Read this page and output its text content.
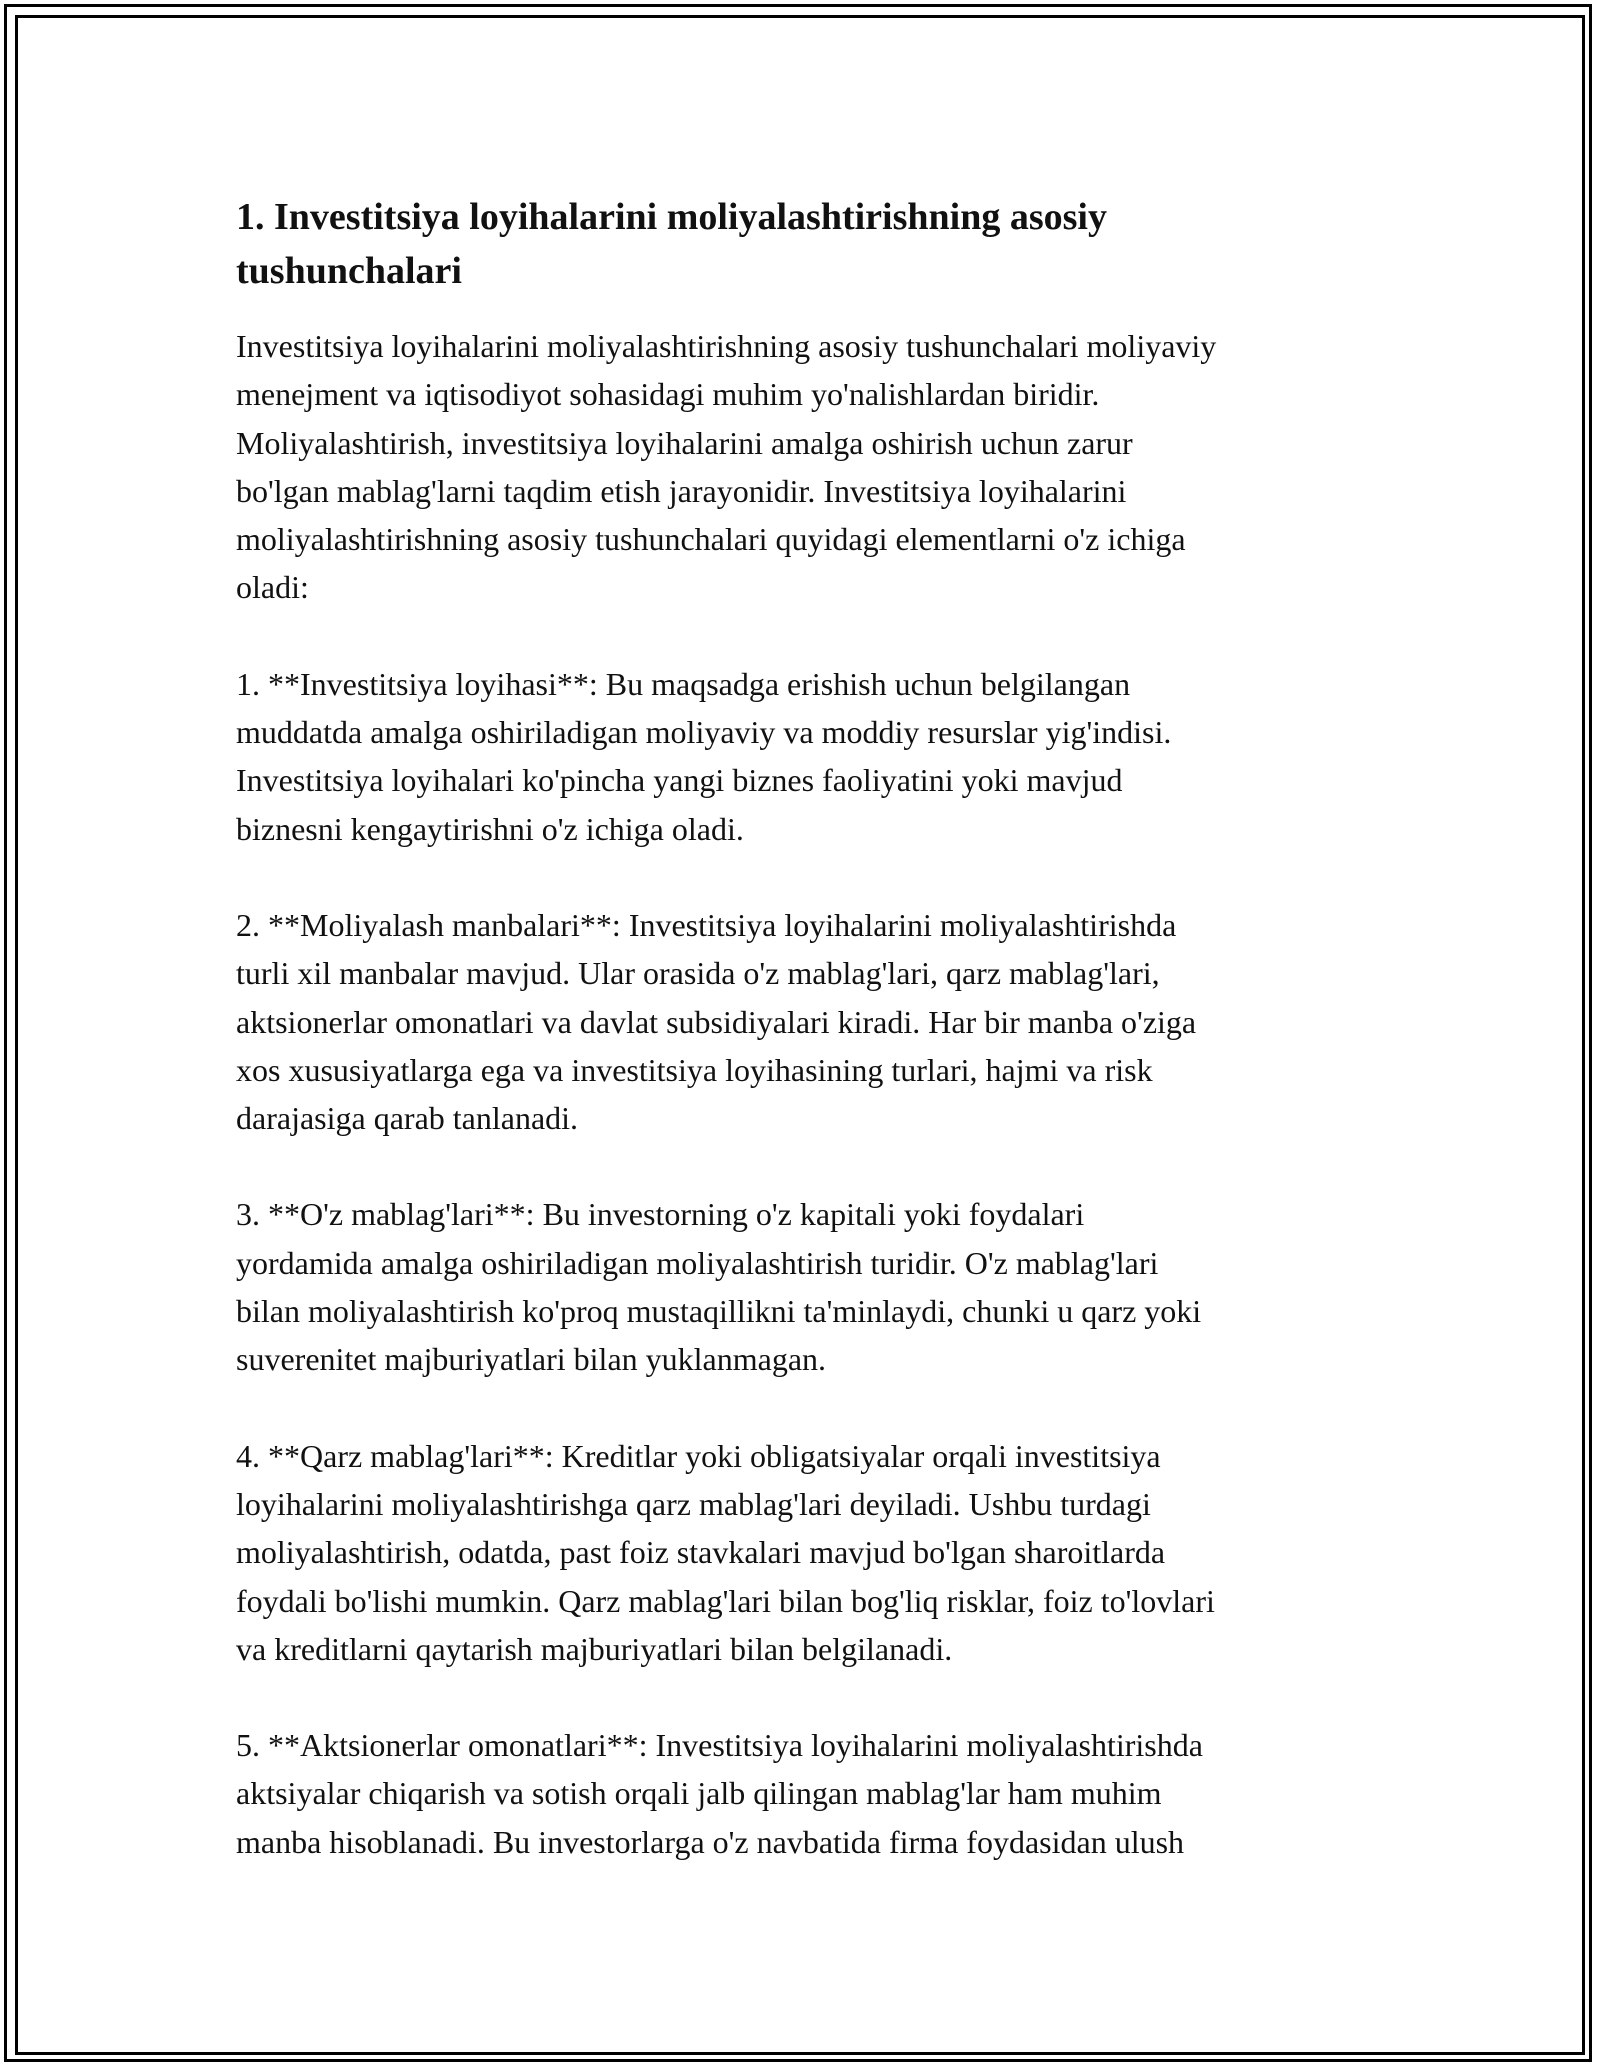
1. Investitsiya loyihalarini moliyalashtirishning asosiy
tushunchalari

Investitsiya loyihalarini moliyalashtirishning asosiy tushunchalari moliyaviy
menejment va iqtisodiyot sohasidagi muhim yo'nalishlardan biridir.
Moliyalashtirish, investitsiya loyihalarini amalga oshirish uchun zarur
bo'lgan mablag'larni taqdim etish jarayonidir. Investitsiya loyihalarini
moliyalashtirishning asosiy tushunchalari quyidagi elementlarni o'z ichiga
oladi:

1. **Investitsiya loyihasi**: Bu maqsadga erishish uchun belgilangan
muddatda amalga oshiriladigan moliyaviy va moddiy resurslar yig'indisi.
Investitsiya loyihalari ko'pincha yangi biznes faoliyatini yoki mavjud
biznesni kengaytirishni o'z ichiga oladi.

2. **Moliyalash manbalari**: Investitsiya loyihalarini moliyalashtirishda
turli xil manbalar mavjud. Ular orasida o'z mablag'lari, qarz mablag'lari,
aktsionerlar omonatlari va davlat subsidiyalari kiradi. Har bir manba o'ziga
xos xususiyatlarga ega va investitsiya loyihasining turlari, hajmi va risk
darajasiga qarab tanlanadi.

3. **O'z mablag'lari**: Bu investorning o'z kapitali yoki foydalari
yordamida amalga oshiriladigan moliyalashtirish turidir. O'z mablag'lari
bilan moliyalashtirish ko'proq mustaqillikni ta'minlaydi, chunki u qarz yoki
suverenitet majburiyatlari bilan yuklanmagan.

4. **Qarz mablag'lari**: Kreditlar yoki obligatsiyalar orqali investitsiya
loyihalarini moliyalashtirishga qarz mablag'lari deyiladi. Ushbu turdagi
moliyalashtirish, odatda, past foiz stavkalari mavjud bo'lgan sharoitlarda
foydali bo'lishi mumkin. Qarz mablag'lari bilan bog'liq risklar, foiz to'lovlari
va kreditlarni qaytarish majburiyatlari bilan belgilanadi.

5. **Aktsionerlar omonatlari**: Investitsiya loyihalarini moliyalashtirishda
aktsiyalar chiqarish va sotish orqali jalb qilingan mablag'lar ham muhim
manba hisoblanadi. Bu investorlarga o'z navbatida firma foydasidan ulush
